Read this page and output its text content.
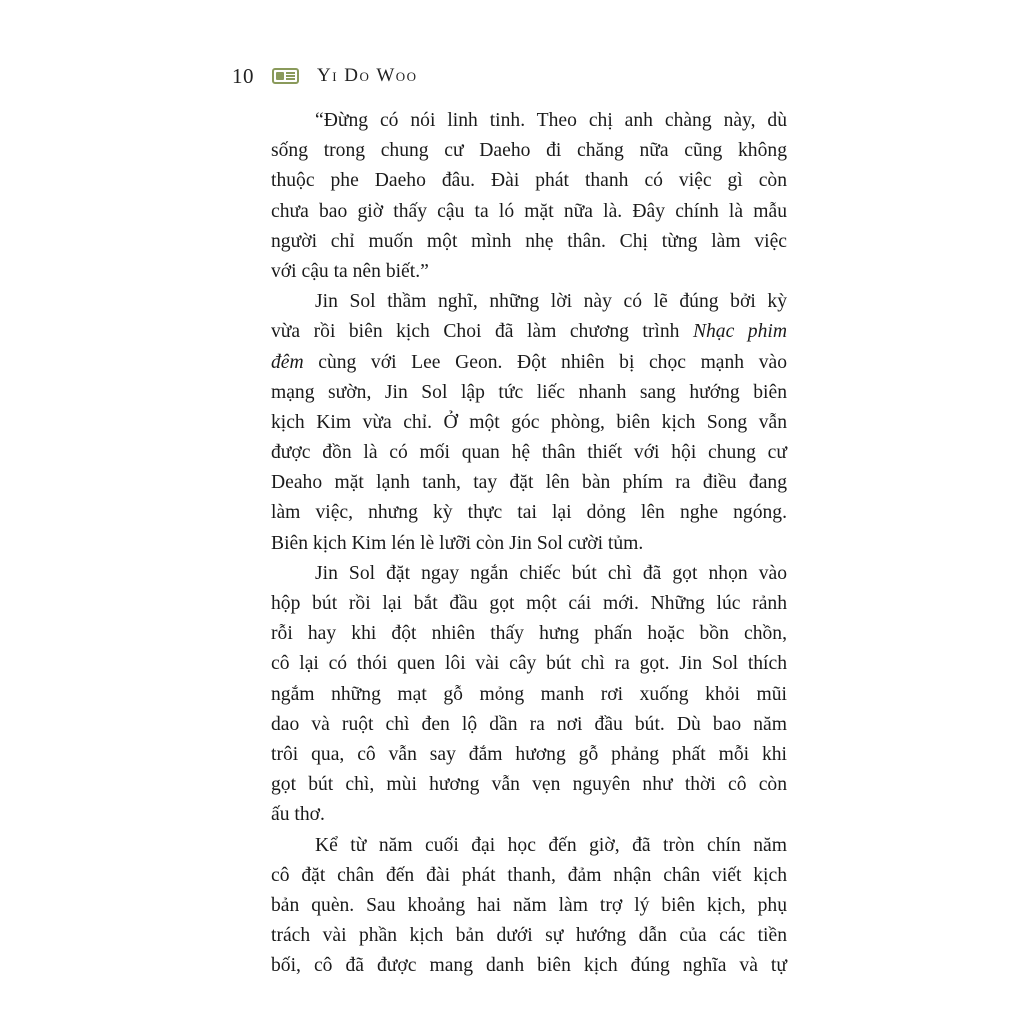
10	Yi Do Woo
“Đừng có nói linh tinh. Theo chị anh chàng này, dù
sống trong chung cư Daeho đi chăng nữa cũng không
thuộc phe Daeho đâu. Đài phát thanh có việc gì còn
chưa bao giờ thấy cậu ta ló mặt nữa là. Đây chính là mẫu
người chỉ muốn một mình nhẹ thân. Chị từng làm việc
với cậu ta nên biết.”
Jin Sol thầm nghĩ, những lời này có lẽ đúng bởi kỳ
vừa rồi biên kịch Choi đã làm chương trình Nhạc phim
đêm cùng với Lee Geon. Đột nhiên bị chọc mạnh vào
mạng sườn, Jin Sol lập tức liếc nhanh sang hướng biên
kịch Kim vừa chỉ. Ở một góc phòng, biên kịch Song vẫn
được đồn là có mối quan hệ thân thiết với hội chung cư
Deaho mặt lạnh tanh, tay đặt lên bàn phím ra điều đang
làm việc, nhưng kỳ thực tai lại dỏng lên nghe ngóng.
Biên kịch Kim lén lè lưỡi còn Jin Sol cười tủm.
Jin Sol đặt ngay ngắn chiếc bút chì đã gọt nhọn vào
hộp bút rồi lại bắt đầu gọt một cái mới. Những lúc rảnh
rỗi hay khi đột nhiên thấy hưng phấn hoặc bồn chồn,
cô lại có thói quen lôi vài cây bút chì ra gọt. Jin Sol thích
ngắm những mạt gỗ mỏng manh rơi xuống khỏi mũi
dao và ruột chì đen lộ dần ra nơi đầu bút. Dù bao năm
trôi qua, cô vẫn say đắm hương gỗ phảng phất mỗi khi
gọt bút chì, mùi hương vẫn vẹn nguyên như thời cô còn
ấu thơ.
Kể từ năm cuối đại học đến giờ, đã tròn chín năm
cô đặt chân đến đài phát thanh, đảm nhận chân viết kịch
bản quèn. Sau khoảng hai năm làm trợ lý biên kịch, phụ
trách vài phần kịch bản dưới sự hướng dẫn của các tiền
bối, cô đã được mang danh biên kịch đúng nghĩa và tự
